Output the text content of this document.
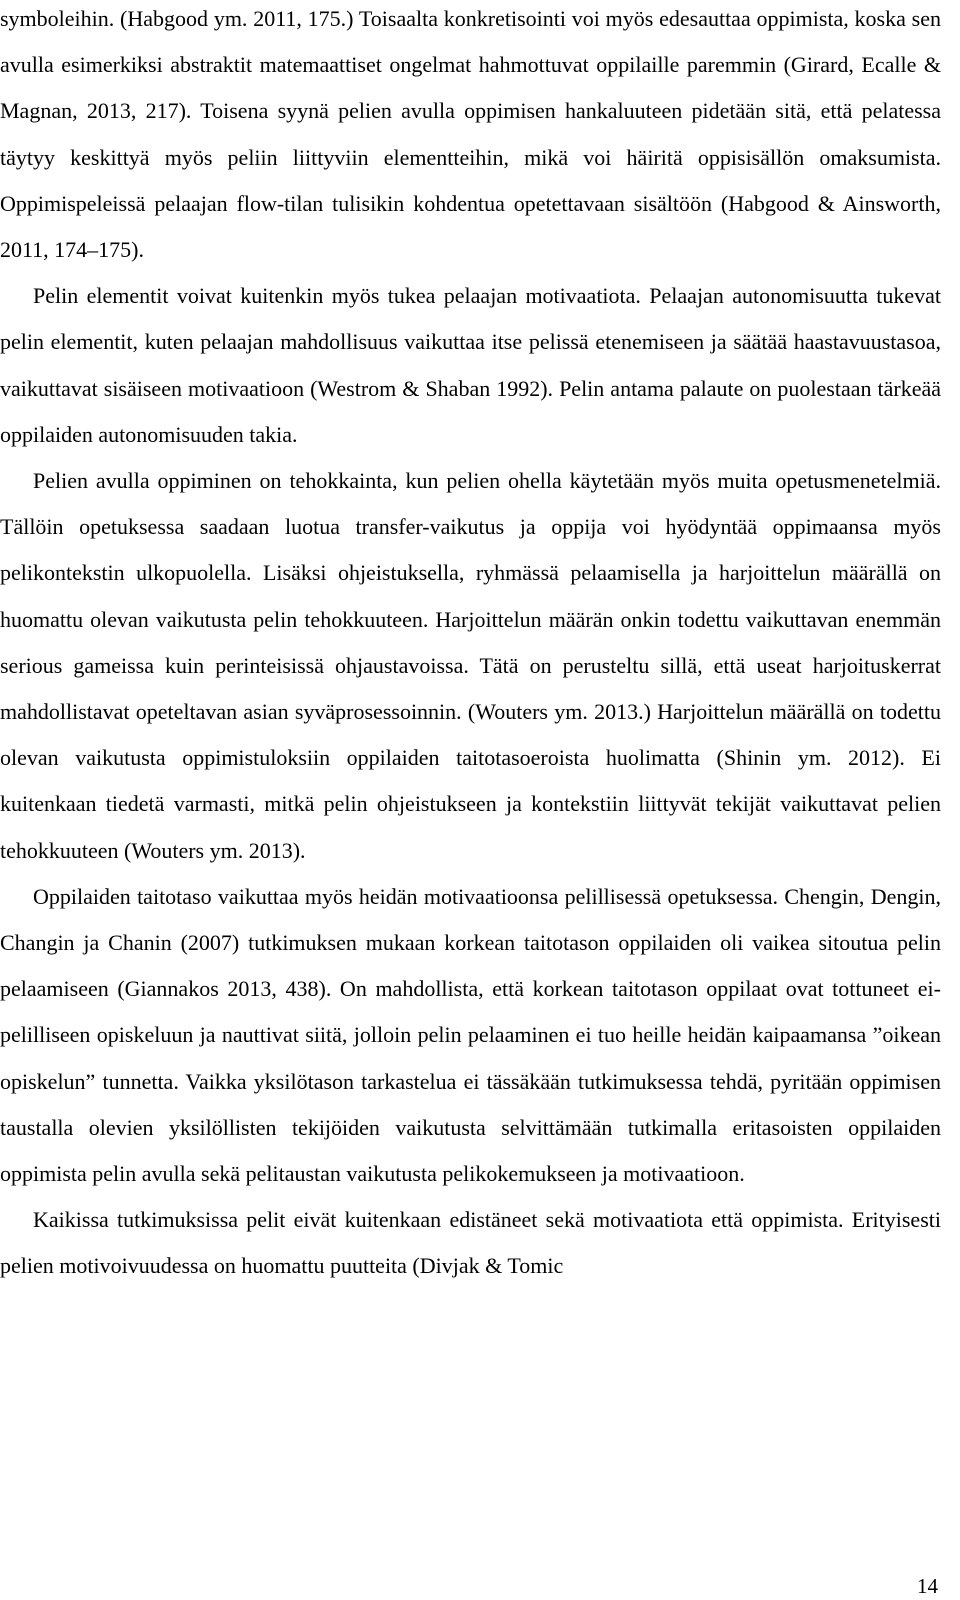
symboleihin. (Habgood ym. 2011, 175.) Toisaalta konkretisointi voi myös edesauttaa oppimista, koska sen avulla esimerkiksi abstraktit matemaattiset ongelmat hahmottuvat oppilaille paremmin (Girard, Ecalle & Magnan, 2013, 217). Toisena syynä pelien avulla oppimisen hankaluuteen pidetään sitä, että pelatessa täytyy keskittyä myös peliin liittyviin elementteihin, mikä voi häiritä oppisisällön omaksumista. Oppimispeleissä pelaajan flow-tilan tulisikin kohdentua opetettavaan sisältöön (Habgood & Ainsworth, 2011, 174–175).

Pelin elementit voivat kuitenkin myös tukea pelaajan motivaatiota. Pelaajan autonomisuutta tukevat pelin elementit, kuten pelaajan mahdollisuus vaikuttaa itse pelissä etenemiseen ja säätää haastavuustasoa, vaikuttavat sisäiseen motivaatioon (Westrom & Shaban 1992). Pelin antama palaute on puolestaan tärkeää oppilaiden autonomisuuden takia.

Pelien avulla oppiminen on tehokkainta, kun pelien ohella käytetään myös muita opetusmenetelmiä. Tällöin opetuksessa saadaan luotua transfer-vaikutus ja oppija voi hyödyntää oppimaansa myös pelikontekstin ulkopuolella. Lisäksi ohjeistuksella, ryhmässä pelaamisella ja harjoittelun määrällä on huomattu olevan vaikutusta pelin tehokkuuteen. Harjoittelun määrän onkin todettu vaikuttavan enemmän serious gameissa kuin perinteisissä ohjaustavoissa. Tätä on perusteltu sillä, että useat harjoituskerrat mahdollistavat opeteltavan asian syväprosessoinnin. (Wouters ym. 2013.) Harjoittelun määrällä on todettu olevan vaikutusta oppimistuloksiin oppilaiden taitotasoeroista huolimatta (Shinin ym. 2012). Ei kuitenkaan tiedetä varmasti, mitkä pelin ohjeistukseen ja kontekstiin liittyvät tekijät vaikuttavat pelien tehokkuuteen (Wouters ym. 2013).

Oppilaiden taitotaso vaikuttaa myös heidän motivaatioonsa pelillisessä opetuksessa. Chengin, Dengin, Changin ja Chanin (2007) tutkimuksen mukaan korkean taitotason oppilaiden oli vaikea sitoutua pelin pelaamiseen (Giannakos 2013, 438). On mahdollista, että korkean taitotason oppilaat ovat tottuneet ei-pelilliseen opiskeluun ja nauttivat siitä, jolloin pelin pelaaminen ei tuo heille heidän kaipaamansa ”oikean opiskelun” tunnetta. Vaikka yksilötason tarkastelua ei tässäkään tutkimuksessa tehdä, pyritään oppimisen taustalla olevien yksilöllisten tekijöiden vaikutusta selvittämään tutkimalla eritasoisten oppilaiden oppimista pelin avulla sekä pelitaustan vaikutusta pelikokemukseen ja motivaatioon.

Kaikissa tutkimuksissa pelit eivät kuitenkaan edistäneet sekä motivaatiota että oppimista. Erityisesti pelien motivoivuudessa on huomattu puutteita (Divjak & Tomic

14
